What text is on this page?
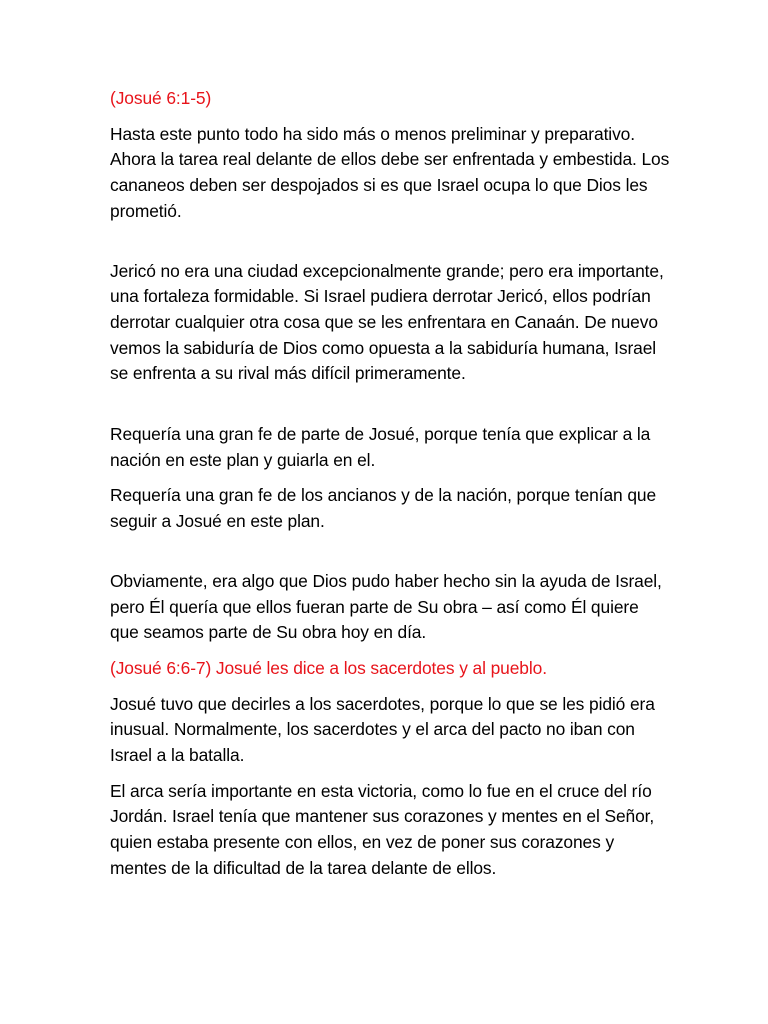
(Josué 6:1-5)

Hasta este punto todo ha sido más o menos preliminar y preparativo. Ahora la tarea real delante de ellos debe ser enfrentada y embestida. Los cananeos deben ser despojados si es que Israel ocupa lo que Dios les prometió.

Jericó no era una ciudad excepcionalmente grande; pero era importante, una fortaleza formidable. Si Israel pudiera derrotar Jericó, ellos podrían derrotar cualquier otra cosa que se les enfrentara en Canaán. De nuevo vemos la sabiduría de Dios como opuesta a la sabiduría humana, Israel se enfrenta a su rival más difícil primeramente.

Requería una gran fe de parte de Josué, porque tenía que explicar a la nación en este plan y guiarla en el.

Requería una gran fe de los ancianos y de la nación, porque tenían que seguir a Josué en este plan.

Obviamente, era algo que Dios pudo haber hecho sin la ayuda de Israel, pero Él quería que ellos fueran parte de Su obra – así como Él quiere que seamos parte de Su obra hoy en día.

(Josué 6:6-7) Josué les dice a los sacerdotes y al pueblo.

Josué tuvo que decirles a los sacerdotes, porque lo que se les pidió era inusual. Normalmente, los sacerdotes y el arca del pacto no iban con Israel a la batalla.

El arca sería importante en esta victoria, como lo fue en el cruce del río Jordán. Israel tenía que mantener sus corazones y mentes en el Señor, quien estaba presente con ellos, en vez de poner sus corazones y mentes de la dificultad de la tarea delante de ellos.
